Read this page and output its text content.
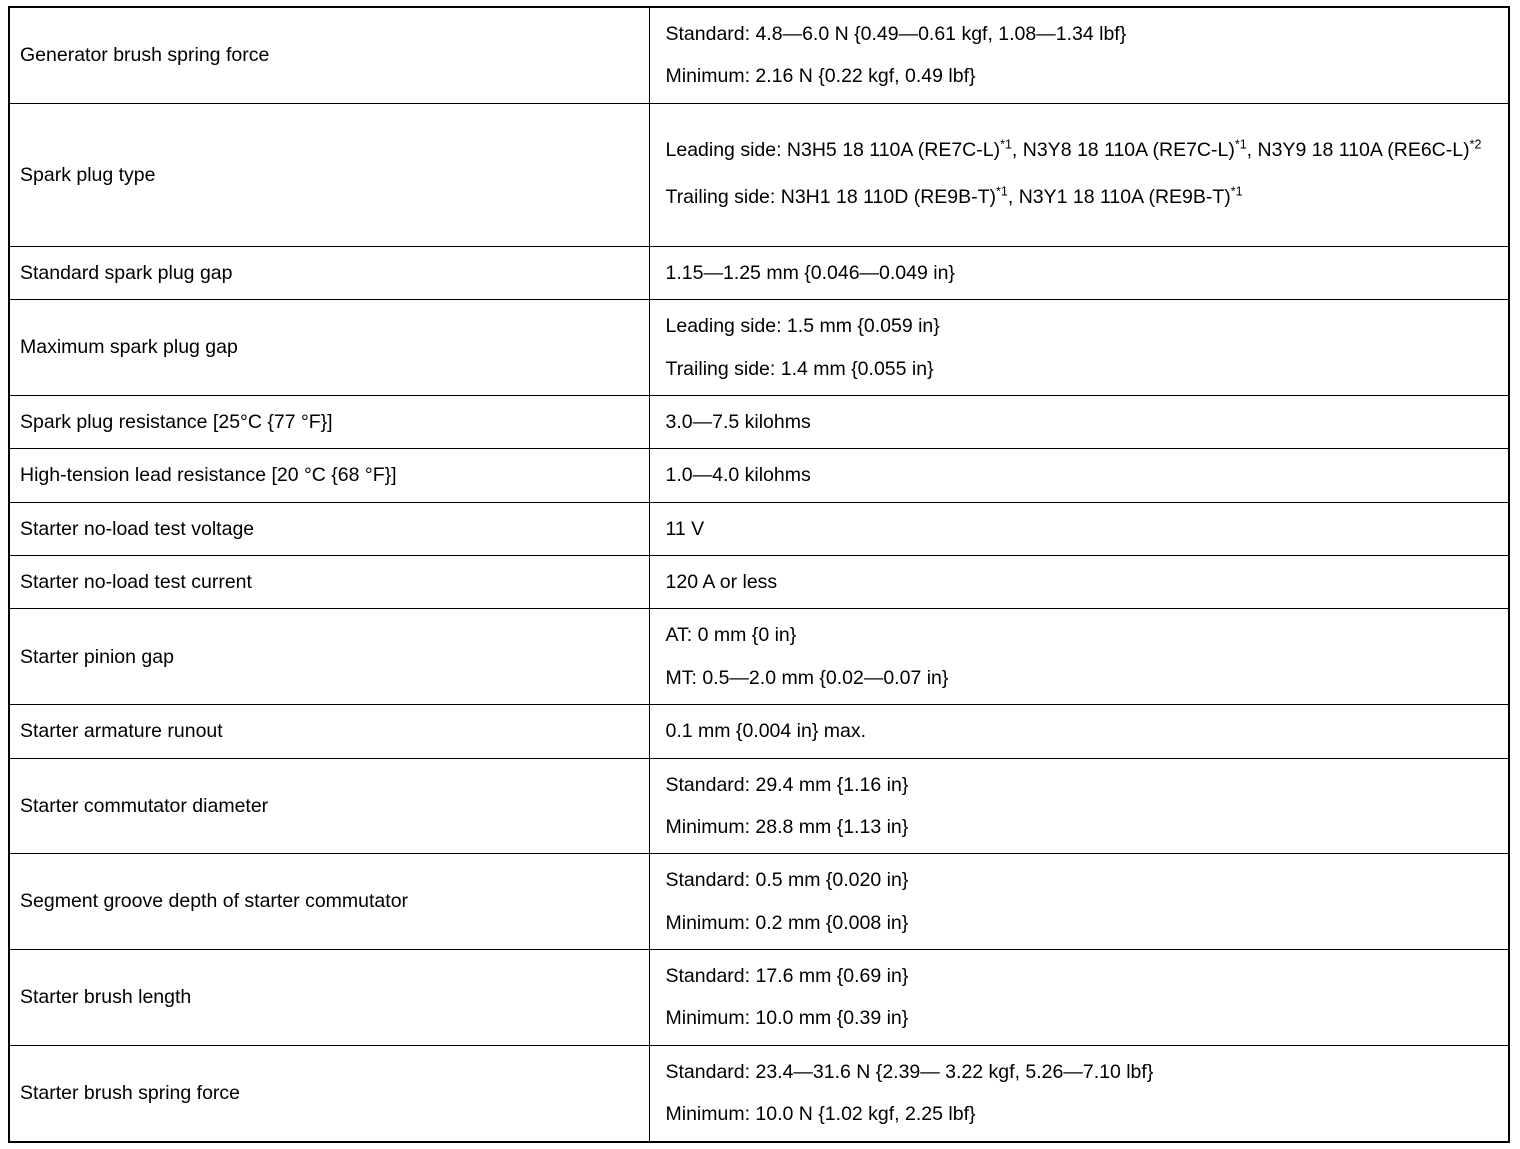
Generator brush spring force	Standard: 4.8—6.0 N {0.49—0.61 kgf, 1.08—1.34 lbf}
Minimum: 2.16 N {0.22 kgf, 0.49 lbf}

Spark plug type	Leading side: N3H5 18 110A $(RE7C-L)^{*1}$, N3Y8 18 110A $(RE7C-L)^{*1}$, N3Y9 18 110A $(RE6C-L)^{*2}$
Trailing side: N3H1 18 110D $(RE9B-T)^{*1}$, N3Y1 18 110A $(RE9B-T)^{*1}$

Standard spark plug gap	1.15—1.25 mm {0.046—0.049 in}

Maximum spark plug gap	Leading side: 1.5 mm {0.059 in}
Trailing side: 1.4 mm {0.055 in}

Spark plug resistance [25°C {77 °F}]	3.0—7.5 kilohms

High-tension lead resistance [20 °C {68 °F}]	1.0—4.0 kilohms

Starter no-load test voltage	11 V

Starter no-load test current	120 A or less

Starter pinion gap	AT: 0 mm {0 in}
MT: 0.5—2.0 mm {0.02—0.07 in}

Starter armature runout	0.1 mm {0.004 in} max.

Starter commutator diameter	Standard: 29.4 mm {1.16 in}
Minimum: 28.8 mm {1.13 in}

Segment groove depth of starter commutator	Standard: 0.5 mm {0.020 in}
Minimum: 0.2 mm {0.008 in}

Starter brush length	Standard: 17.6 mm {0.69 in}
Minimum: 10.0 mm {0.39 in}

Starter brush spring force	Standard: 23.4—31.6 N {2.39— 3.22 kgf, 5.26—7.10 lbf}
Minimum: 10.0 N {1.02 kgf, 2.25 lbf}
